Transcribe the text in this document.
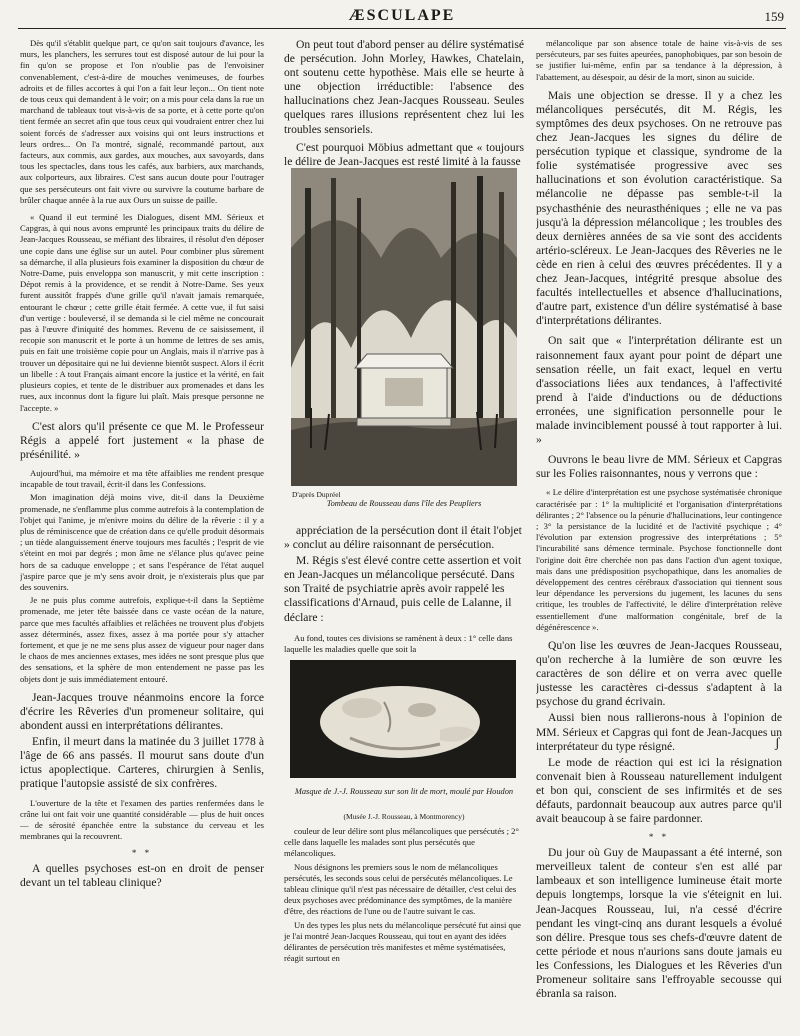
ÆSCULAPE	159

Dès qu'il s'établit quelque part, ce qu'on sait toujours d'avance, les murs, les planchers, les serrures tout est disposé autour de lui pour la fin qu'on se propose et l'on n'oublie pas de l'envoisiner convenablement, c'est-à-dire de mouches venimeuses, de fourbes adroits et de filles accortes à qui l'on a fait leur leçon... On tient note de tous ceux qui demandent à le voir; on a mis pour cela dans la rue un marchand de tableaux tout vis-à-vis de sa porte, et à cette porte qu'on tient fermée an secret afin que tous ceux qui voudraient entrer chez lui soient forcés de s'adresser aux voisins qui ont leurs instructions et leurs ordres... On l'a montré, signalé, recommandé partout, aux facteurs, aux commis, aux gardes, aux mouches, aux savoyards, dans tous les spectacles, dans tous les cafés, aux barbiers, aux marchands, aux colporteurs, aux libraires. C'est sans aucun doute pour l'outrager que ses persécuteurs ont fait vivre ou survivre la coutume barbare de brûler chaque année à la rue aux Ours un suisse de paille.

« Quand il eut terminé les Dialogues, disent MM. Sérieux et Capgras, à qui nous avons emprunté les principaux traits du délire de Jean-Jacques Rousseau, se méfiant des libraires, il résolut d'en déposer une copie dans une église sur un autel. Pour combiner plus sûrement sa démarche, il alla plusieurs fois examiner la disposition du chœur de Notre-Dame, puis enveloppa son manuscrit, y mit cette inscription : Dépot remis à la providence, et se rendit à Notre-Dame. Ses yeux furent aussitôt frappés d'une grille qu'il n'avait jamais remarquée, entourant le chœur ; cette grille était fermée. A cette vue, il fut saisi d'un vertige : bouleversé, il se demanda si le ciel même ne concourait pas à l'œuvre d'iniquité des hommes. Revenu de ce saisissement, il recopie son manuscrit et le porte à un homme de lettres de ses amis, puis en fait une troisième copie pour un Anglais, mais il n'arrive pas à trouver un dépositaire qui ne lui devienne bientôt suspect. Alors il écrit un libelle : A tout Français aimant encore la justice et la vérité, en fait plusieurs copies, et tente de le distribuer aux promenades et dans les rues, aux inconnus dont la figure lui plaît. Mais presque personne ne l'accepte. »

C'est alors qu'il présente ce que M. le Professeur Régis a appelé fort justement « la phase de présénilité. »

Aujourd'hui, ma mémoire et ma tête affaiblies me rendent presque incapable de tout travail, écrit-il dans les Confessions.

Mon imagination déjà moins vive, dit-il dans la Deuxième promenade, ne s'enflamme plus comme autrefois à la contemplation de l'objet qui l'anime, je m'enivre moins du délire de la rêverie : il y a plus de réminiscence que de création dans ce qu'elle produit désormais ; un tiède alanguissement énerve toujours mes facultés ; l'esprit de vie s'éteint en moi par degrés ; mon âme ne s'élance plus qu'avec peine hors de sa caduque enveloppe ; et sans l'espérance de l'état auquel j'aspire parce que je m'y sens avoir droit, je n'existerais plus que par des souvenirs.

Je ne puis plus comme autrefois, explique-t-il dans la Septième promenade, me jeter tête baissée dans ce vaste océan de la nature, parce que mes facultés affaiblies et relâchées ne trouvent plus d'objets assez déterminés, assez fixes, assez à ma portée pour s'y attacher fortement, et que je ne me sens plus assez de vigueur pour nager dans le chaos de mes anciennes extases, mes idées ne sont presque plus que des sensations, et la sphère de mon entendement ne passe pas les objets dont je suis immédiatement entouré.

Jean-Jacques trouve néanmoins encore la force d'écrire les Rêveries d'un promeneur solitaire, qui abondent aussi en interprétations délirantes.

Enfin, il meurt dans la matinée du 3 juillet 1778 à l'âge de 66 ans passés. Il mourut sans doute d'un ictus apoplectique. Carteres, chirurgien à Senlis, pratique l'autopsie assisté de six confrères.

L'ouverture de la tête et l'examen des parties renfermées dans le crâne lui ont fait voir une quantité considérable — plus de huit onces — de sérosité épanchée entre la substance du cerveau et les membranes qui la recouvrent.

* *

A quelles psychoses est-on en droit de penser devant un tel tableau clinique?

On peut tout d'abord penser au délire systématisé de persécution. John Morley, Hawkes, Chatelain, ont soutenu cette hypothèse. Mais elle se heurte à une objection irréductible: l'absence des hallucinations chez Jean-Jacques Rousseau. Seules quelques rares illusions représentent chez lui les troubles sensoriels.

C'est pourquoi Möbius admettant que « toujours le délire de Jean-Jacques est resté limité à la fausse

D'après Dupréel
Tombeau de Rousseau dans l'île des Peupliers

appréciation de la persécution dont il était l'objet » conclut au délire raisonnant de persécution.

M. Régis s'est élevé contre cette assertion et voit en Jean-Jacques un mélancolique persécuté. Dans son Traité de psychiatrie après avoir rappelé les classifications d'Arnaud, puis celle de Lalanne, il déclare :

Au fond, toutes ces divisions se ramènent à deux : 1° celle dans laquelle les maladies quelle que soit la

Masque de J.-J. Rousseau sur son lit de mort, moulé par Houdon
(Musée J.-J. Rousseau, à Montmorency)

couleur de leur délire sont plus mélancoliques que persécutés ; 2° celle dans laquelle les malades sont plus persécutés que mélancoliques.

Nous désignons les premiers sous le nom de mélancoliques persécutés, les seconds sous celui de persécutés mélancoliques. Le tableau clinique qu'il n'est pas nécessaire de détailler, c'est celui des deux psychoses avec prédominance des symptômes, de la manière d'être, des réactions de l'une ou de l'autre suivant le cas.

Un des types les plus nets du mélancolique persécuté fut ainsi que je l'ai montré Jean-Jacques Rousseau, qui tout en ayant des idées délirantes de persécution très manifestes et même systématisées, réagit surtout en

mélancolique par son absence totale de haine vis-à-vis de ses persécuteurs, par ses fuites apeurées, panophobiques, par son besoin de se justifier lui-même, enfin par sa tendance à la dépression, à l'abattement, au désespoir, au désir de la mort, sinon au suicide.

Mais une objection se dresse. Il y a chez les mélancoliques persécutés, dit M. Régis, les symptômes des deux psychoses. On ne retrouve pas chez Jean-Jacques les signes du délire de persécution typique et classique, syndrome de la folie systématisée progressive avec ses hallucinations et son évolution caractéristique. Sa mélancolie ne dépasse pas semble-t-il la psychasthénie des neurasthéniques ; elle ne va pas jusqu'à la dépression mélancolique ; les troubles des deux dernières années de sa vie sont des accidents artério-scléreux. Le Jean-Jacques des Rêveries ne le cède en rien à celui des œuvres précédentes. Il y a chez Jean-Jacques, intégrité presque absolue des facultés intellectuelles et absence d'hallucinations, d'autre part, existence d'un délire systématisé à base d'interprétations délirantes.

On sait que « l'interprétation délirante est un raisonnement faux ayant pour point de départ une sensation réelle, un fait exact, lequel en vertu d'associations liées aux tendances, à l'affectivité prend à l'aide d'inductions ou de déductions erronées, une signification personnelle pour le malade invinciblement poussé à tout rapporter à lui. »

Ouvrons le beau livre de MM. Sérieux et Capgras sur les Folies raisonnantes, nous y verrons que :

« Le délire d'interprétation est une psychose systématisée chronique caractérisée par : 1° la multiplicité et l'organisation d'interprétations délirantes ; 2° l'absence ou la pénurie d'hallucinations, leur contingence ; 3° la persistance de la lucidité et de l'activité psychique ; 4° l'évolution par extension progressive des interprétations ; 5° l'incurabilité sans démence terminale. Psychose fonctionnelle dont l'origine doit être cherchée non pas dans l'action d'un agent toxique, mais dans une prédisposition psychopathique, dans les anomalies de développement des centres cérébraux d'association qui tiennent sous leur dépendance les perversions du jugement, les lacunes du sens critique, les troubles de l'affectivité, le délire d'interprétation relève essentiellement d'une malformation congénitale, bref de la dégénérescence ».

Qu'on lise les œuvres de Jean-Jacques Rousseau, qu'on recherche à la lumière de son œuvre les caractères de son délire et on verra avec quelle justesse les caractères ci-dessus s'adaptent à la psychose du grand écrivain.

Aussi bien nous rallierons-nous à l'opinion de MM. Sérieux et Capgras qui font de Jean-Jacques un interprétateur du type résigné.

Le mode de réaction qui est ici la résignation convenait bien à Rousseau naturellement indulgent et bon qui, conscient de ses infirmités et de ses défauts, pardonnait beaucoup aux autres parce qu'il avait beaucoup à se faire pardonner.

* *

Du jour où Guy de Maupassant a été interné, son merveilleux talent de conteur s'en est allé par lambeaux et son intelligence lumineuse était morte depuis longtemps, lorsque la vie s'éteignit en lui. Jean-Jacques Rousseau, lui, n'a cessé d'écrire pendant les vingt-cinq ans durant lesquels a évolué son délire. Presque tous ses chefs-d'œuvre datent de cette période et nous n'aurions sans doute jamais eu les Confessions, les Dialogues et les Rêveries d'un Promeneur solitaire sans l'effroyable secousse qui ébranla sa raison.

ʃ
